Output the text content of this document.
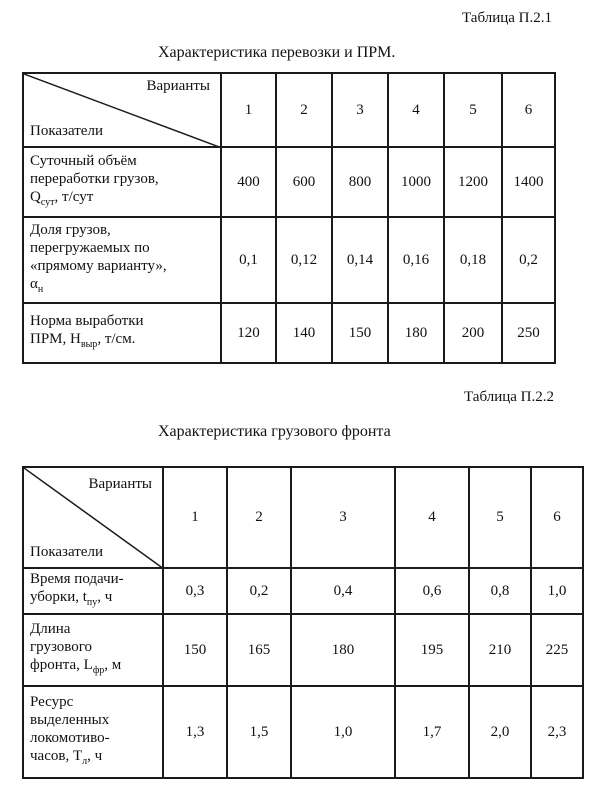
Таблица П.2.1
Характеристика перевозки и ПРМ.
Варианты
Показатели	1	2	3	4	5	6

Суточный объём
переработки грузов,
$Q_{сут}$, т/сут	400	600	800	1000	1200	1400

Доля грузов,
перегружаемых по
«прямому варианту»,
$\alpha_н$	0,1	0,12	0,14	0,16	0,18	0,2

Норма выработки
ПРМ, $H_{выр}$, т/см.	120	140	150	180	200	250
Таблица П.2.2
Характеристика грузового фронта
Варианты
Показатели	1	2	3	4	5	6

Время подачи-
уборки, $t_{пу}$, ч	0,3	0,2	0,4	0,6	0,8	1,0

Длина
грузового
фронта, $L_{фр}$, м	150	165	180	195	210	225

Ресурс
выделенных
локомотиво-
часов, $T_л$, ч	1,3	1,5	1,0	1,7	2,0	2,3
